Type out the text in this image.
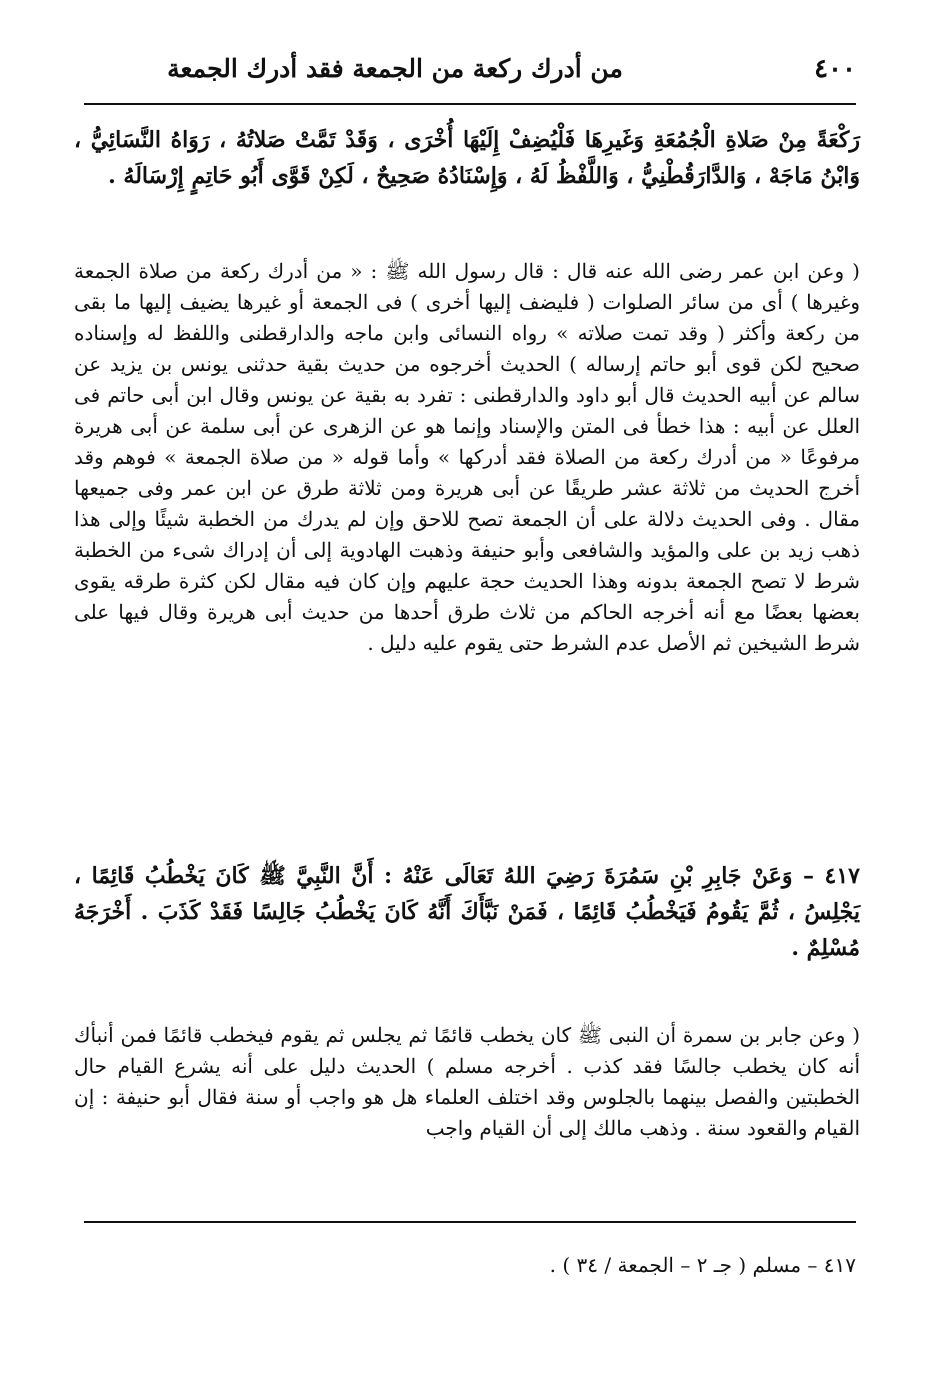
٤٠٠
من أدرك ركعة من الجمعة فقد أدرك الجمعة

رَكْعَةً مِنْ صَلاةِ الْجُمُعَةِ وَغَيرِهَا فَلْيُضِفْ إِلَيْهَا أُخْرَى ، وَقَدْ تَمَّتْ صَلاتُهُ ، رَوَاهُ النَّسَائِيُّ ، وَابْنُ مَاجَهْ ، وَالدَّارَقُطْنِيُّ ، وَاللَّفْظُ لَهُ ، وَإِسْنَادُهُ صَحِيحٌ ، لَكِنْ قَوَّى أَبُو حَاتِمٍ إِرْسَالَهُ .

( وعن ابن عمر رضى الله عنه قال : قال رسول الله ﷺ : « من أدرك ركعة من صلاة الجمعة وغيرها ) أى من سائر الصلوات ( فليضف إليها أخرى ) فى الجمعة أو غيرها يضيف إليها ما بقى من ركعة وأكثر ( وقد تمت صلاته » رواه النسائى وابن ماجه والدارقطنى واللفظ له وإسناده صحيح لكن قوى أبو حاتم إرساله ) الحديث أخرجوه من حديث بقية حدثنى يونس بن يزيد عن سالم عن أبيه الحديث قال أبو داود والدارقطنى : تفرد به بقية عن يونس وقال ابن أبى حاتم فى العلل عن أبيه : هذا خطأ فى المتن والإسناد وإنما هو عن الزهرى عن أبى سلمة عن أبى هريرة مرفوعًا « من أدرك ركعة من الصلاة فقد أدركها » وأما قوله « من صلاة الجمعة » فوهم وقد أخرج الحديث من ثلاثة عشر طريقًا عن أبى هريرة ومن ثلاثة طرق عن ابن عمر وفى جميعها مقال . وفى الحديث دلالة على أن الجمعة تصح للاحق وإن لم يدرك من الخطبة شيئًا وإلى هذا ذهب زيد بن على والمؤيد والشافعى وأبو حنيفة وذهبت الهادوية إلى أن إدراك شىء من الخطبة شرط لا تصح الجمعة بدونه وهذا الحديث حجة عليهم وإن كان فيه مقال لكن كثرة طرقه يقوى بعضها بعضًا مع أنه أخرجه الحاكم من ثلاث طرق أحدها من حديث أبى هريرة وقال فيها على شرط الشيخين ثم الأصل عدم الشرط حتى يقوم عليه دليل .

٤١٧ – وَعَنْ جَابِرِ بْنِ سَمُرَةَ رَضِيَ اللهُ تَعَالَى عَنْهُ : أَنَّ النَّبِيَّ ﷺ كَانَ يَخْطُبُ قَائِمًا ، يَجْلِسُ ، ثُمَّ يَقُومُ فَيَخْطُبُ قَائِمًا ، فَمَنْ نَبَّأَكَ أَنَّهُ كَانَ يَخْطُبُ جَالِسًا فَقَدْ كَذَبَ . أَخْرَجَهُ مُسْلِمٌ .

( وعن جابر بن سمرة أن النبى ﷺ كان يخطب قائمًا ثم يجلس ثم يقوم فيخطب قائمًا فمن أنبأك أنه كان يخطب جالسًا فقد كذب . أخرجه مسلم ) الحديث دليل على أنه يشرع القيام حال الخطبتين والفصل بينهما بالجلوس وقد اختلف العلماء هل هو واجب أو سنة فقال أبو حنيفة : إن القيام والقعود سنة . وذهب مالك إلى أن القيام واجب

٤١٧ – مسلم ( جـ ٢ – الجمعة / ٣٤ ) .
